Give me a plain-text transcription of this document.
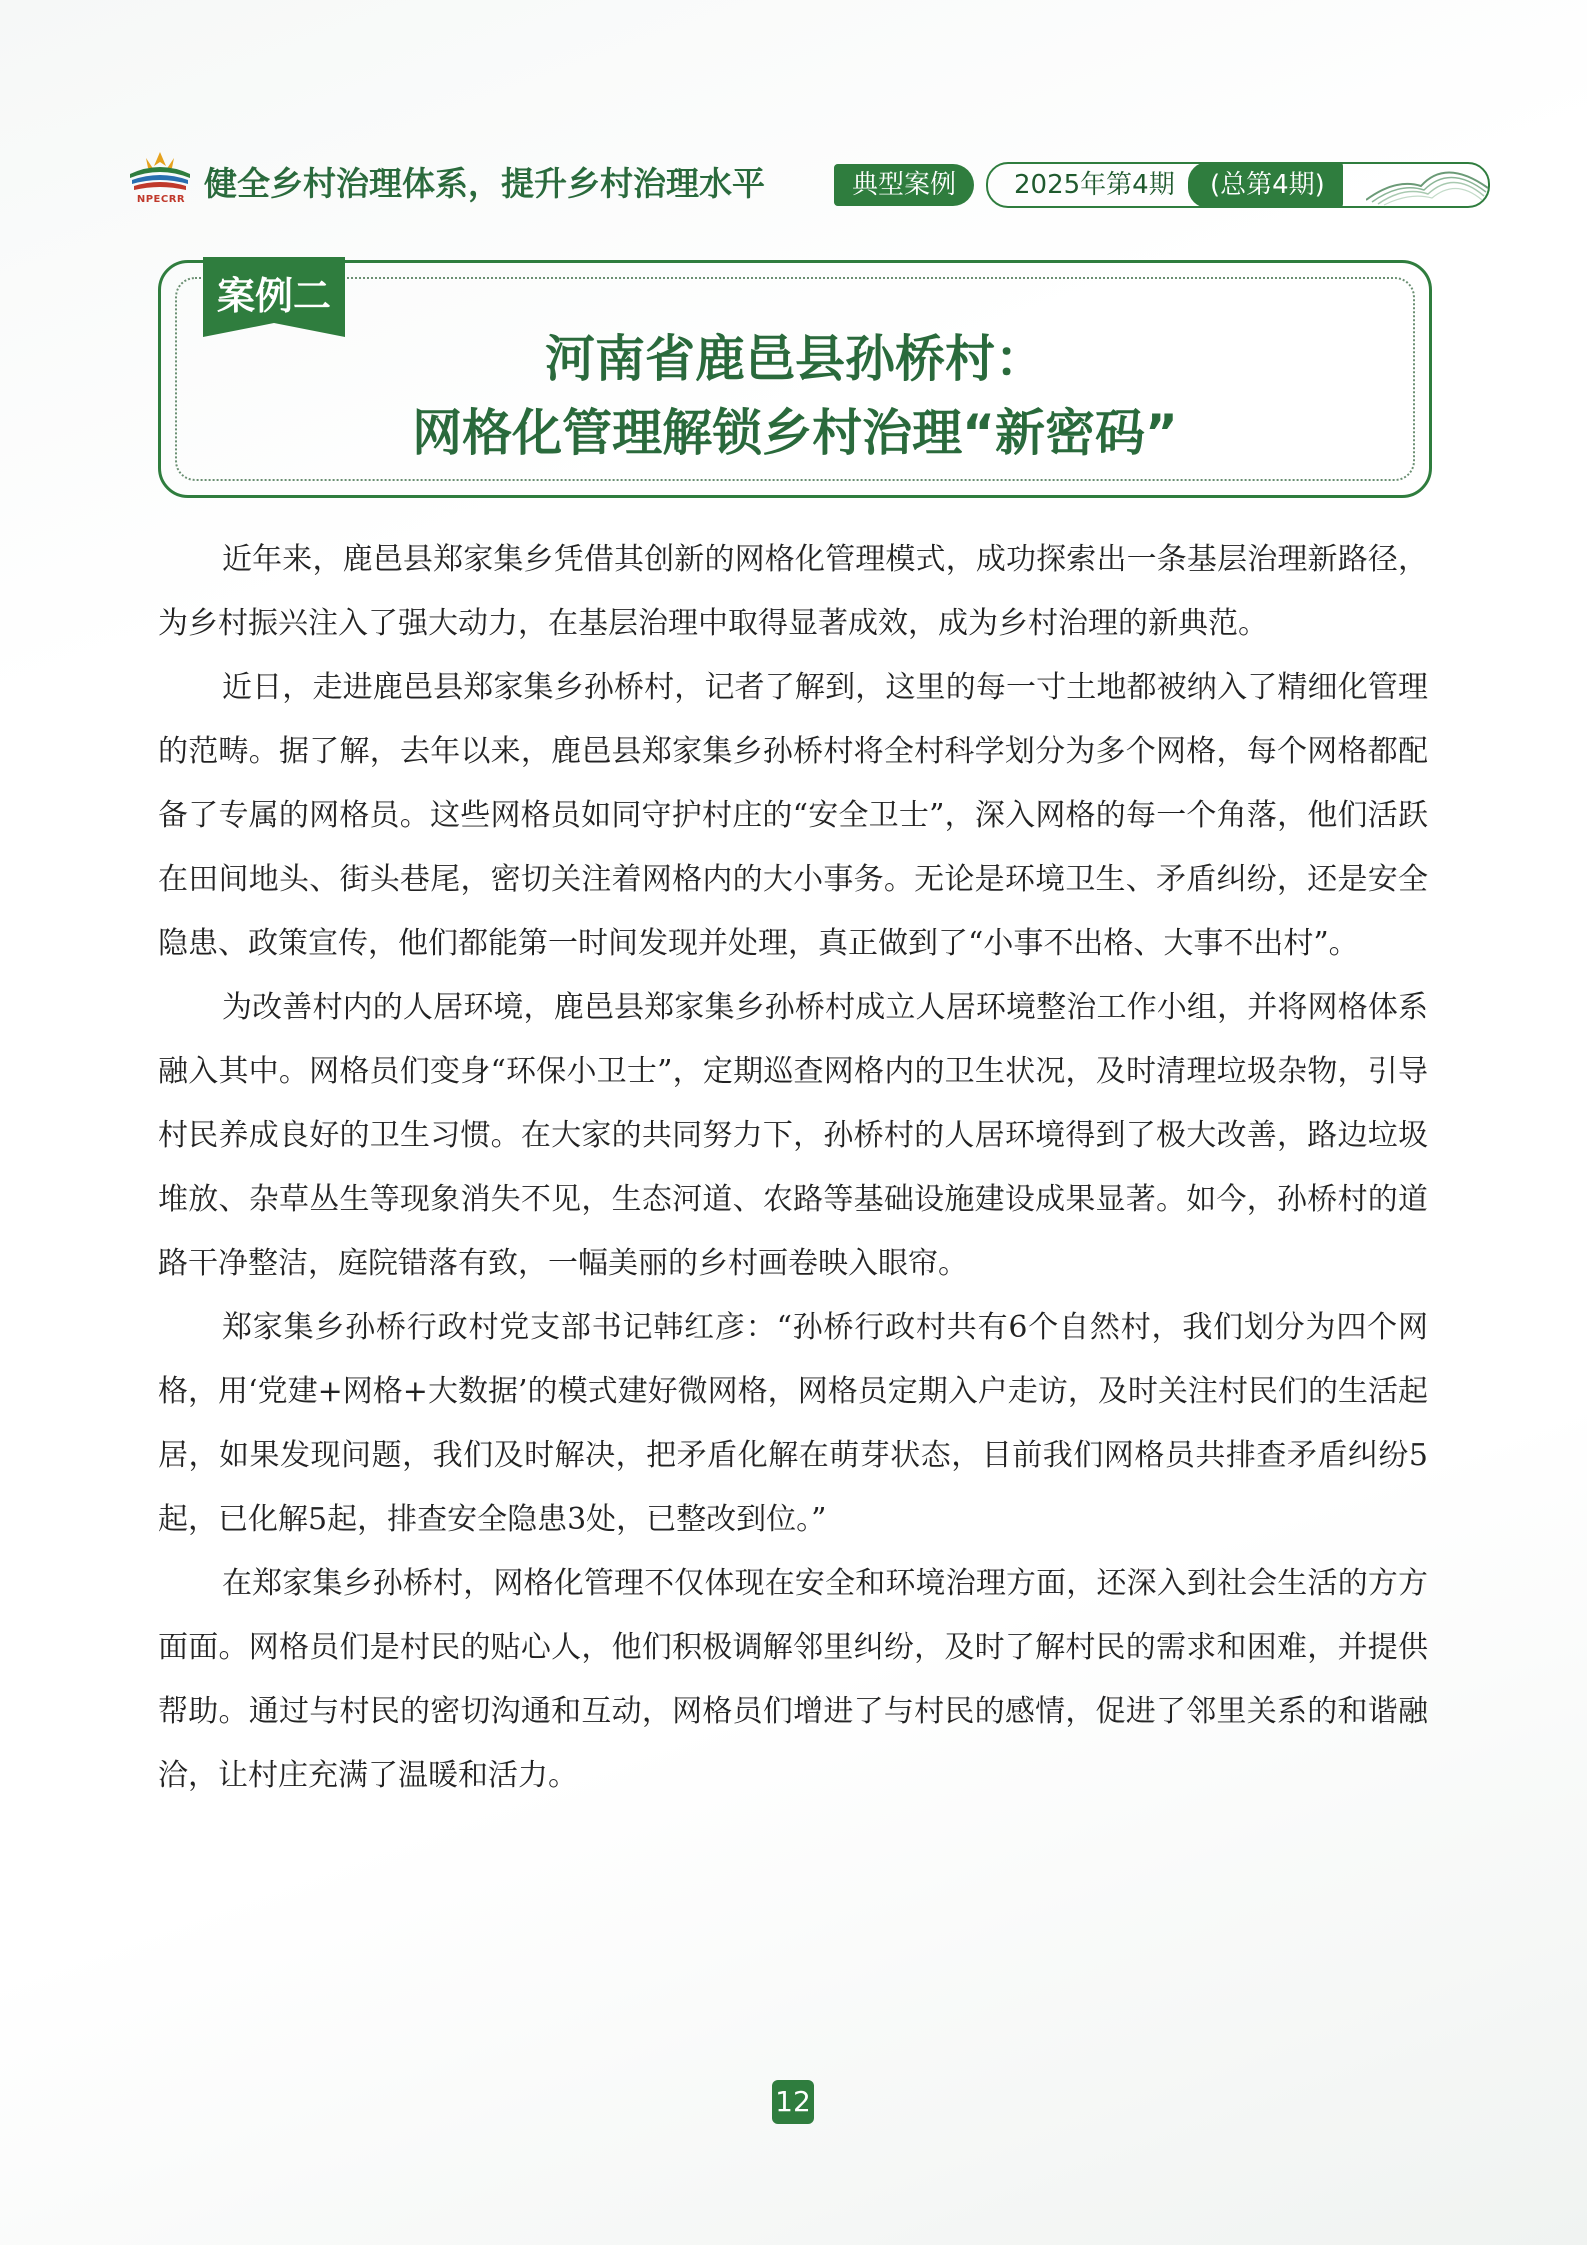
NPECRR 健全乡村治理体系，提升乡村治理水平	典型案例	2025年第4期	(总第4期)
案例二
河南省鹿邑县孙桥村：
网格化管理解锁乡村治理“新密码”

近年来，鹿邑县郑家集乡凭借其创新的网格化管理模式，成功探索出一条基层治理新路径，为乡村振兴注入了强大动力，在基层治理中取得显著成效，成为乡村治理的新典范。

近日，走进鹿邑县郑家集乡孙桥村，记者了解到，这里的每一寸土地都被纳入了精细化管理的范畴。据了解，去年以来，鹿邑县郑家集乡孙桥村将全村科学划分为多个网格，每个网格都配备了专属的网格员。这些网格员如同守护村庄的“安全卫士”，深入网格的每一个角落，他们活跃在田间地头、街头巷尾，密切关注着网格内的大小事务。无论是环境卫生、矛盾纠纷，还是安全隐患、政策宣传，他们都能第一时间发现并处理，真正做到了“小事不出格、大事不出村”。

为改善村内的人居环境，鹿邑县郑家集乡孙桥村成立人居环境整治工作小组，并将网格体系融入其中。网格员们变身“环保小卫士”，定期巡查网格内的卫生状况，及时清理垃圾杂物，引导村民养成良好的卫生习惯。在大家的共同努力下，孙桥村的人居环境得到了极大改善，路边垃圾堆放、杂草丛生等现象消失不见，生态河道、农路等基础设施建设成果显著。如今，孙桥村的道路干净整洁，庭院错落有致，一幅美丽的乡村画卷映入眼帘。

郑家集乡孙桥行政村党支部书记韩红彦：“孙桥行政村共有6个自然村，我们划分为四个网格，用‘党建+网格+大数据’的模式建好微网格，网格员定期入户走访，及时关注村民们的生活起居，如果发现问题，我们及时解决，把矛盾化解在萌芽状态，目前我们网格员共排查矛盾纠纷5起，已化解5起，排查安全隐患3处，已整改到位。”

在郑家集乡孙桥村，网格化管理不仅体现在安全和环境治理方面，还深入到社会生活的方方面面。网格员们是村民的贴心人，他们积极调解邻里纠纷，及时了解村民的需求和困难，并提供帮助。通过与村民的密切沟通和互动，网格员们增进了与村民的感情，促进了邻里关系的和谐融洽，让村庄充满了温暖和活力。

12
